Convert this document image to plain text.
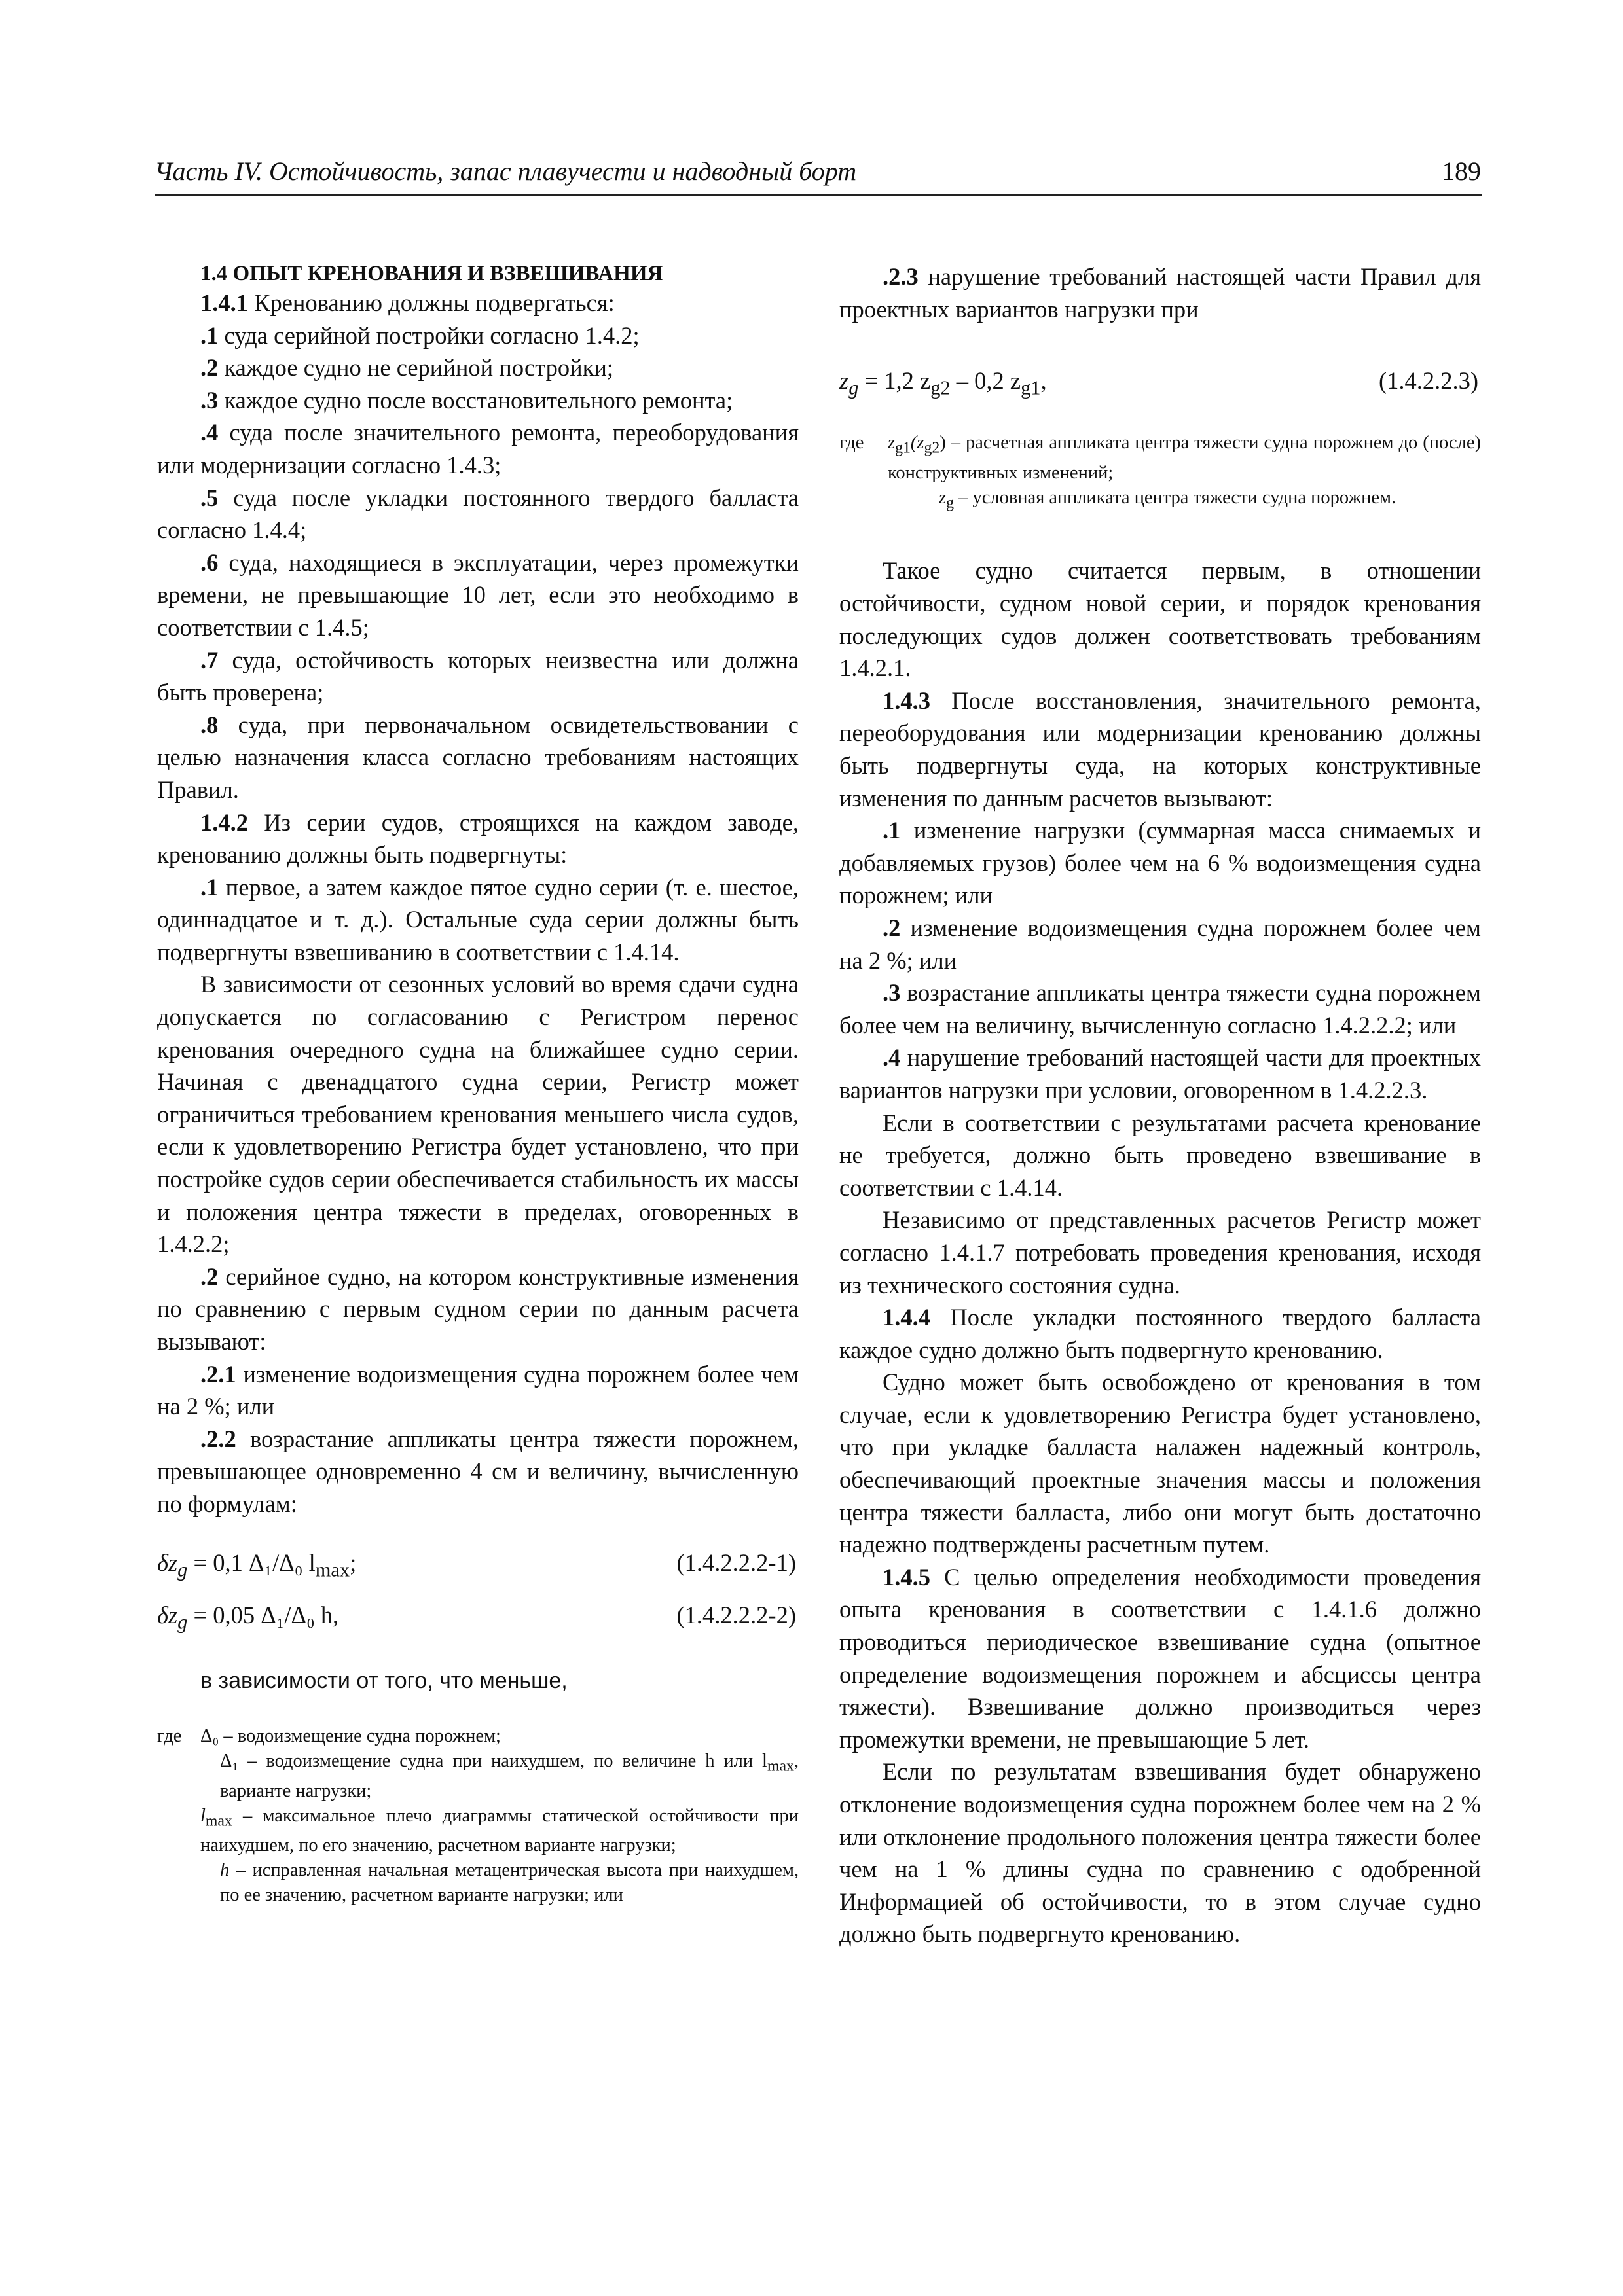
Часть IV. Остойчивость, запас плавучести и надводный борт	189

1.4 ОПЫТ КРЕНОВАНИЯ И ВЗВЕШИВАНИЯ

1.4.1 Кренованию должны подвергаться:

.1 суда серийной постройки согласно 1.4.2;

.2 каждое судно не серийной постройки;

.3 каждое судно после восстановительного ремонта;

.4 суда после значительного ремонта, переоборудования или модернизации согласно 1.4.3;

.5 суда после укладки постоянного твердого балласта согласно 1.4.4;

.6 суда, находящиеся в эксплуатации, через промежутки времени, не превышающие 10 лет, если это необходимо в соответствии с 1.4.5;

.7 суда, остойчивость которых неизвестна или должна быть проверена;

.8 суда, при первоначальном освидетельствовании с целью назначения класса согласно требованиям настоящих Правил.

1.4.2 Из серии судов, строящихся на каждом заводе, кренованию должны быть подвергнуты:

.1 первое, а затем каждое пятое судно серии (т. е. шестое, одиннадцатое и т. д.). Остальные суда серии должны быть подвергнуты взвешиванию в соответствии с 1.4.14.

В зависимости от сезонных условий во время сдачи судна допускается по согласованию с Регистром перенос кренования очередного судна на ближайшее судно серии. Начиная с двенадцатого судна серии, Регистр может ограничиться требованием кренования меньшего числа судов, если к удовлетворению Регистра будет установлено, что при постройке судов серии обеспечивается стабильность их массы и положения центра тяжести в пределах, оговоренных в 1.4.2.2;

.2 серийное судно, на котором конструктивные изменения по сравнению с первым судном серии по данным расчета вызывают:

.2.1 изменение водоизмещения судна порожнем более чем на 2 %; или

.2.2 возрастание аппликаты центра тяжести порожнем, превышающее одновременно 4 см и величину, вычисленную по формулам:

$\delta z_g = 0,1$ Δ₁/Δ₀ $l_{max}$;	(1.4.2.2.2-1)
$\delta z_g = 0,05$ Δ₁/Δ₀ h,	(1.4.2.2.2-2)

в зависимости от того, что меньше,

где	Δ₀ – водоизмещение судна порожнем;
Δ₁ – водоизмещение судна при наихудшем, по величине h или $l_{max}$, варианте нагрузки;
$l_{max}$ – максимальное плечо диаграммы статической остойчивости при наихудшем, по его значению, расчетном варианте нагрузки;
h – исправленная начальная метацентрическая высота при наихудшем, по ее значению, расчетном варианте нагрузки; или

.2.3 нарушение требований настоящей части Правил для проектных вариантов нагрузки при

$z_g = 1,2$ $z_{g2} - 0,2$ $z_{g1}$,	(1.4.2.2.3)
где	$z_{g1}(z_{g2})$ – расчетная аппликата центра тяжести судна порожнем до (после) конструктивных изменений;
$z_g$ – условная аппликата центра тяжести судна порожнем.

Такое судно считается первым, в отношении остойчивости, судном новой серии, и порядок кренования последующих судов должен соответствовать требованиям 1.4.2.1.

1.4.3 После восстановления, значительного ремонта, переоборудования или модернизации кренованию должны быть подвергнуты суда, на которых конструктивные изменения по данным расчетов вызывают:

.1 изменение нагрузки (суммарная масса снимаемых и добавляемых грузов) более чем на 6 % водоизмещения судна порожнем; или

.2 изменение водоизмещения судна порожнем более чем на 2 %; или

.3 возрастание аппликаты центра тяжести судна порожнем более чем на величину, вычисленную согласно 1.4.2.2.2; или

.4 нарушение требований настоящей части для проектных вариантов нагрузки при условии, оговоренном в 1.4.2.2.3.

Если в соответствии с результатами расчета кренование не требуется, должно быть проведено взвешивание в соответствии с 1.4.14.

Независимо от представленных расчетов Регистр может согласно 1.4.1.7 потребовать проведения кренования, исходя из технического состояния судна.

1.4.4 После укладки постоянного твердого балласта каждое судно должно быть подвергнуто кренованию.

Судно может быть освобождено от кренования в том случае, если к удовлетворению Регистра будет установлено, что при укладке балласта налажен надежный контроль, обеспечивающий проектные значения массы и положения центра тяжести балласта, либо они могут быть достаточно надежно подтверждены расчетным путем.

1.4.5 С целью определения необходимости проведения опыта кренования в соответствии с 1.4.1.6 должно проводиться периодическое взвешивание судна (опытное определение водоизмещения порожнем и абсциссы центра тяжести). Взвешивание должно производиться через промежутки времени, не превышающие 5 лет.

Если по результатам взвешивания будет обнаружено отклонение водоизмещения судна порожнем более чем на 2 % или отклонение продольного положения центра тяжести более чем на 1 % длины судна по сравнению с одобренной Информацией об остойчивости, то в этом случае судно должно быть подвергнуто кренованию.
